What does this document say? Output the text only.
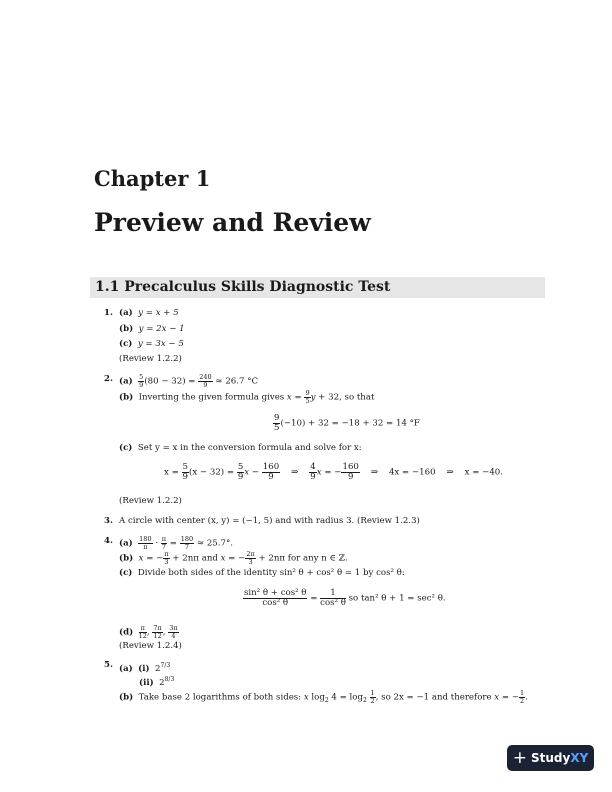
Chapter 1
Preview and Review
1.1 Precalculus Skills Diagnostic Test
1. (a) y = x + 5
(b) y = 2x − 1
(c) y = 3x − 5
(Review 1.2.2)
2. $(a) \frac{5}{9} (80 - 32) = \frac{240}{9} \approx 26.7$ °C
(b) Inverting the given formula gives $x = \frac{9}{5}$ y + 32, so that
$\frac{9}{5} (-10) + 32 = -18 + 32 = 14$ °F
(c) Set y = x in the conversion formula and solve for x:
$x = \frac{5}{9} (x - 32) = \frac{5}{9}$ $x - \frac{160}{9}$ ⇒ $\frac{4}{9}$ x = − $\frac{160}{9}$ ⇒    4x = −160    ⇒    x = −40.
(Review 1.2.2)
3. A circle with center (x, y) = (−1, 5) and with radius 3. (Review 1.2.3)
4. $(a) \frac{180}{\pi} \cdot \frac{\pi}{7} = \frac{180}{7} \approx 25.7^\circ$.
(b) x = − $\frac{\pi}{3} + 2n\pi$ and x = − $\frac{2\pi}{3} + 2n\pi$ for any n ∈ ℤ.
(c) Divide both sides of the identity sin² θ + cos² θ = 1 by cos² θ:
$\frac{\text{sin² θ + cos² θ}}{\text{cos² θ}} = \frac{1}{\text{cos² θ}}$ so tan² θ + 1 = sec² θ.
$(d) \frac{\pi}{12}$ , $\frac{7\pi}{12}$ , $\frac{3\pi}{4}$
(Review 1.2.4)
5. (a) (i)  $2^{7/3}$
(ii)  $2^{8/3}$
(b) Take base 2 logarithms of both sides: x $\log_2 4 = \log_2 \frac{1}{2}$ , so 2x = −1 and therefore x = − $\frac{1}{2}$ .
+ Study XY
